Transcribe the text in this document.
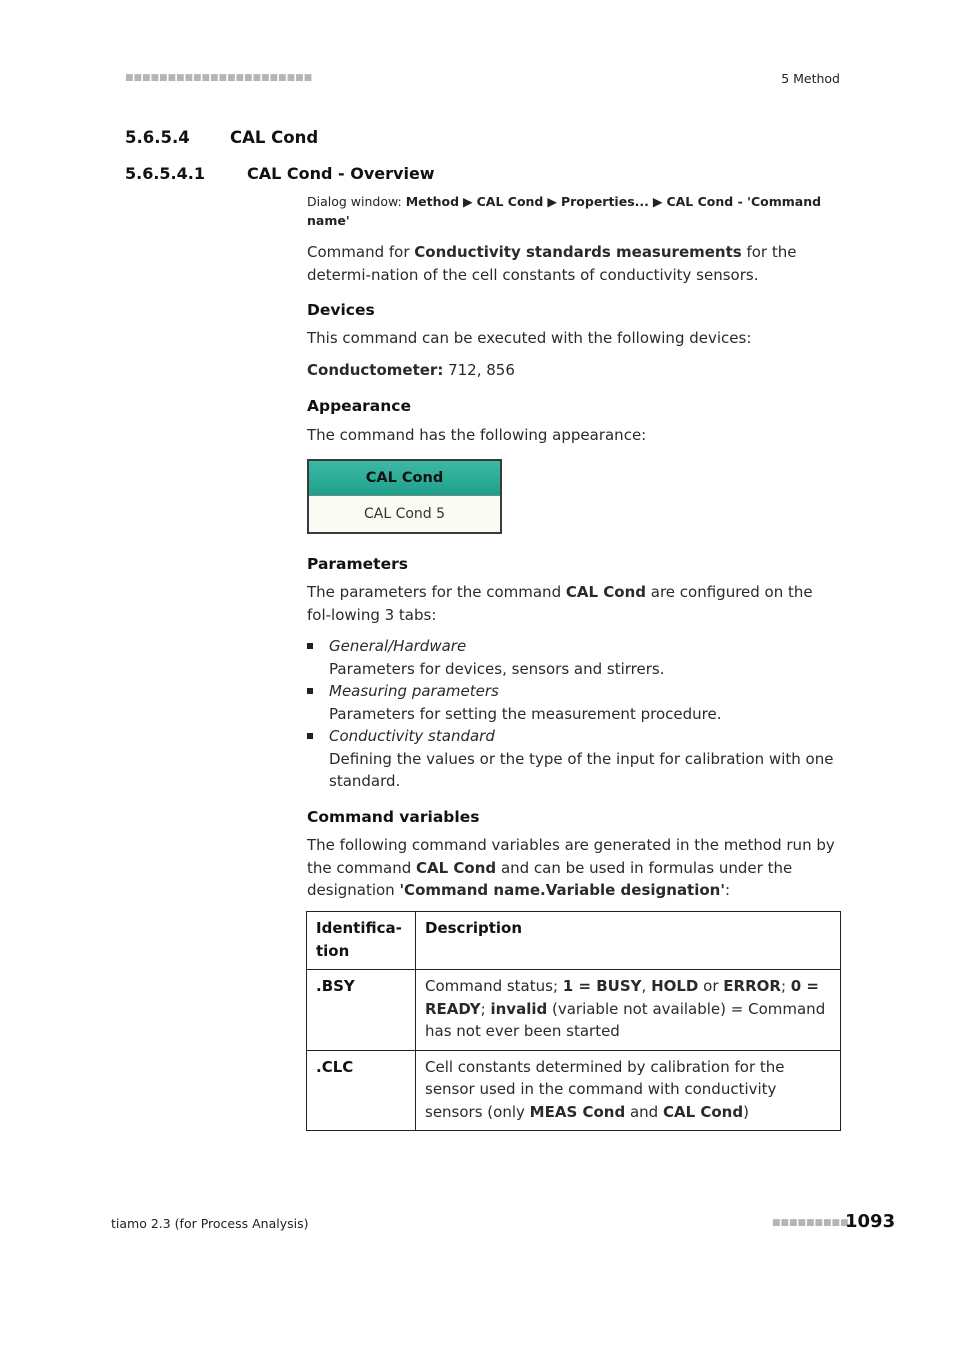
■■■■■■■■■■■■■■■■■■■■■■	5 Method
5.6.5.4 CAL Cond
5.6.5.4.1	CAL Cond - Overview
Dialog window: Method ▶ CAL Cond ▶ Properties... ▶ CAL Cond - 'Command name'
Command for Conductivity standards measurements for the determi-nation of the cell constants of conductivity sensors.
Devices
This command can be executed with the following devices:
Conductometer: 712, 856
Appearance
The command has the following appearance:
CAL Cond
CAL Cond 5
Parameters
The parameters for the command CAL Cond are configured on the fol-lowing 3 tabs:
General/Hardware
Parameters for devices, sensors and stirrers.
Measuring parameters
Parameters for setting the measurement procedure.
Conductivity standard
Defining the values or the type of the input for calibration with one standard.
Command variables
The following command variables are generated in the method run by the command CAL Cond and can be used in formulas under the designation 'Command name.Variable designation':
Identifica-tion	Description
.BSY	Command status; 1 = BUSY, HOLD or ERROR; 0 = READY; invalid (variable not available) = Command has not ever been started
.CLC	Cell constants determined by calibration for the sensor used in the command with conductivity sensors (only MEAS Cond and CAL Cond)
tiamo 2.3 (for Process Analysis)	■■■■■■■■■
1093
